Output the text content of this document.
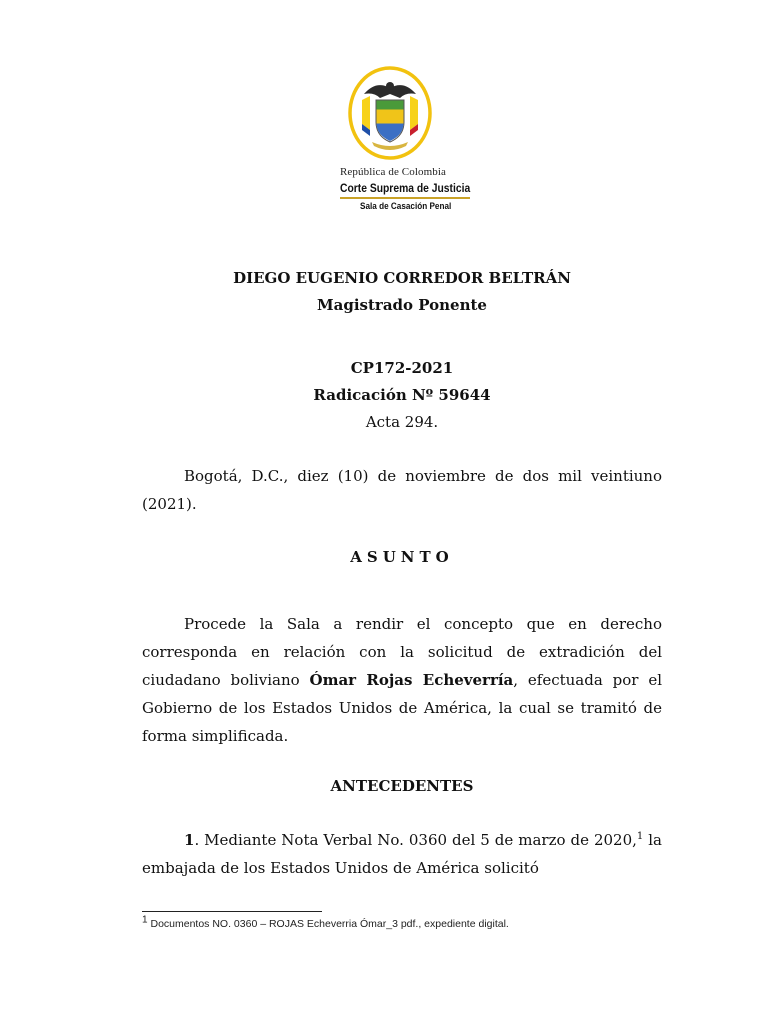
República de Colombia
Corte Suprema de Justicia
Sala de Casación Penal
DIEGO EUGENIO CORREDOR BELTRÁN
Magistrado Ponente
CP172-2021
Radicación Nº 59644
Acta 294.
Bogotá, D.C., diez (10) de noviembre de dos mil veintiuno (2021).
ASUNTO
Procede la Sala a rendir el concepto que en derecho corresponda en relación con la solicitud de extradición del ciudadano boliviano Ómar Rojas Echeverría, efectuada por el Gobierno de los Estados Unidos de América, la cual se tramitó de forma simplificada.
ANTECEDENTES
1. Mediante Nota Verbal No. 0360 del 5 de marzo de 2020,$^1$ la embajada de los Estados Unidos de América solicitó
$^1$ Documentos NO. 0360 – ROJAS Echeverria Ómar_3 pdf., expediente digital.
